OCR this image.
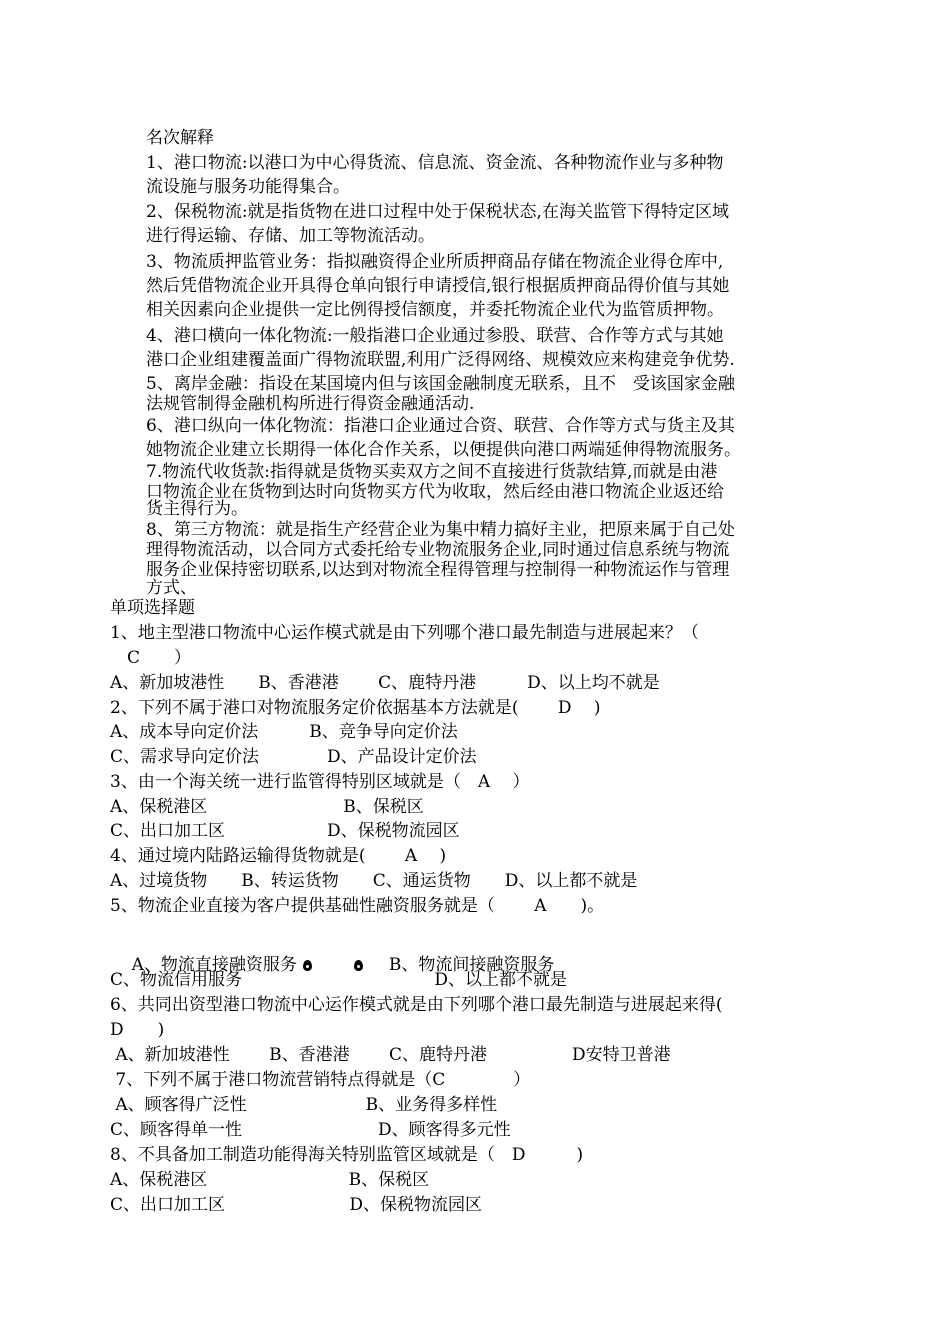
名次解释
1、港口物流:以港口为中心得货流、信息流、资金流、各种物流作业与多种物
流设施与服务功能得集合。
2、保税物流:就是指货物在进口过程中处于保税状态,在海关监管下得特定区域
进行得运输、存储、加工等物流活动。
3、物流质押监管业务：指拟融资得企业所质押商品存储在物流企业得仓库中,
然后凭借物流企业开具得仓单向银行申请授信,银行根据质押商品得价值与其她
相关因素向企业提供一定比例得授信额度，并委托物流企业代为监管质押物。
4、港口横向一体化物流:一般指港口企业通过参股、联营、合作等方式与其她
港口企业组建覆盖面广得物流联盟,利用广泛得网络、规模效应来构建竞争优势.
5、离岸金融：指设在某国境内但与该国金融制度无联系，且不　受该国家金融
法规管制得金融机构所进行得资金融通活动.
6、港口纵向一体化物流：指港口企业通过合资、联营、合作等方式与货主及其
她物流企业建立长期得一体化合作关系，以便提供向港口两端延伸得物流服务。
7.物流代收货款:指得就是货物买卖双方之间不直接进行货款结算,而就是由港
口物流企业在货物到达时向货物买方代为收取，然后经由港口物流企业返还给
货主得行为。
8、第三方物流：就是指生产经营企业为集中精力搞好主业，把原来属于自己处
理得物流活动，以合同方式委托给专业物流服务企业,同时通过信息系统与物流
服务企业保持密切联系,以达到对物流全程得管理与控制得一种物流运作与管理
方式、
单项选择题
1、地主型港口物流中心运作模式就是由下列哪个港口最先制造与进展起来？（
　C　　）
A、新加坡港性　　B、香港港　　 C、鹿特丹港　　　D、以上均不就是
2、下列不属于港口对物流服务定价依据基本方法就是(　　 D　 )
A、成本导向定价法　　　B、竞争导向定价法
C、需求导向定价法　　　　D、产品设计定价法
3、由一个海关统一进行监管得特别区域就是（　A　 ）
A、保税港区　　　　　　　　B、保税区
C、出口加工区　　　　　　D、保税物流园区
4、通过境内陆路运输得货物就是(　　 A　 )
A、过境货物　　B、转运货物　　C、通运货物　　D、以上都不就是
5、物流企业直接为客户提供基础性融资服务就是（　　 A　　)。

A、物流直接融资服务	B、物流间接融资服务

C、物流信用服务　　　　　　　　　　　 D、以上都不就是
6、共同出资型港口物流中心运作模式就是由下列哪个港口最先制造与进展起来得(
D　　)
A、新加坡港性　　 B、香港港　　 C、鹿特丹港　　　　　D安特卫普港
7、下列不属于港口物流营销特点得就是（C　　　　）
A、顾客得广泛性　　　　　　　B、业务得多样性
C、顾客得单一性　　　　　　　　D、顾客得多元性
8、不具备加工制造功能得海关特别监管区域就是（　D　　　)
A、保税港区　　　　　　　　 B、保税区
C、出口加工区　　　　　　　 D、保税物流园区
